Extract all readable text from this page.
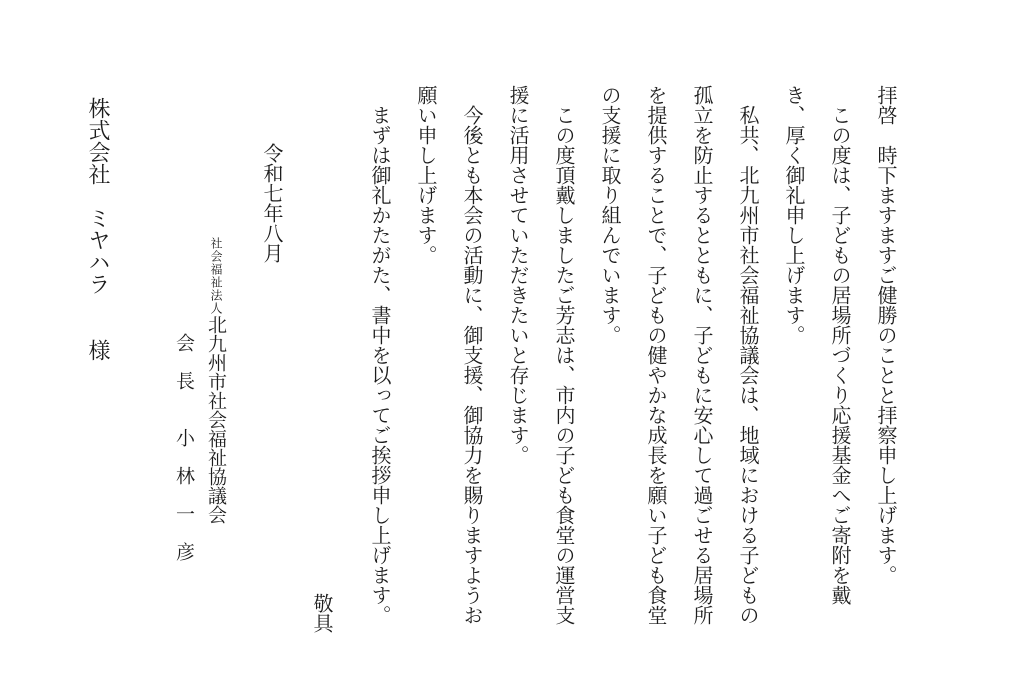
拝啓　時下ますますご健勝のことと拝察申し上げます。

　この度は、子どもの居場所づくり応援基金へご寄附を戴き、厚く御礼申し上げます。

　私共、北九州市社会福祉協議会は、地域における子どもの孤立を防止するとともに、子どもに安心して過ごせる居場所を提供することで、子どもの健やかな成長を願い子ども食堂の支援に取り組んでいます。

　この度頂戴しましたご芳志は、市内の子ども食堂の運営支援に活用させていただきたいと存じます。

　今後とも本会の活動に、御支援、御協力を賜りますようお願い申し上げます。

　まずは御礼かたがた、書中を以ってご挨拶申し上げます。

敬具

令和七年八月

社会福祉法人北九州市社会福祉協議会

会　長　　小　林　一　彦

株式会社　ミヤハラ　　様
